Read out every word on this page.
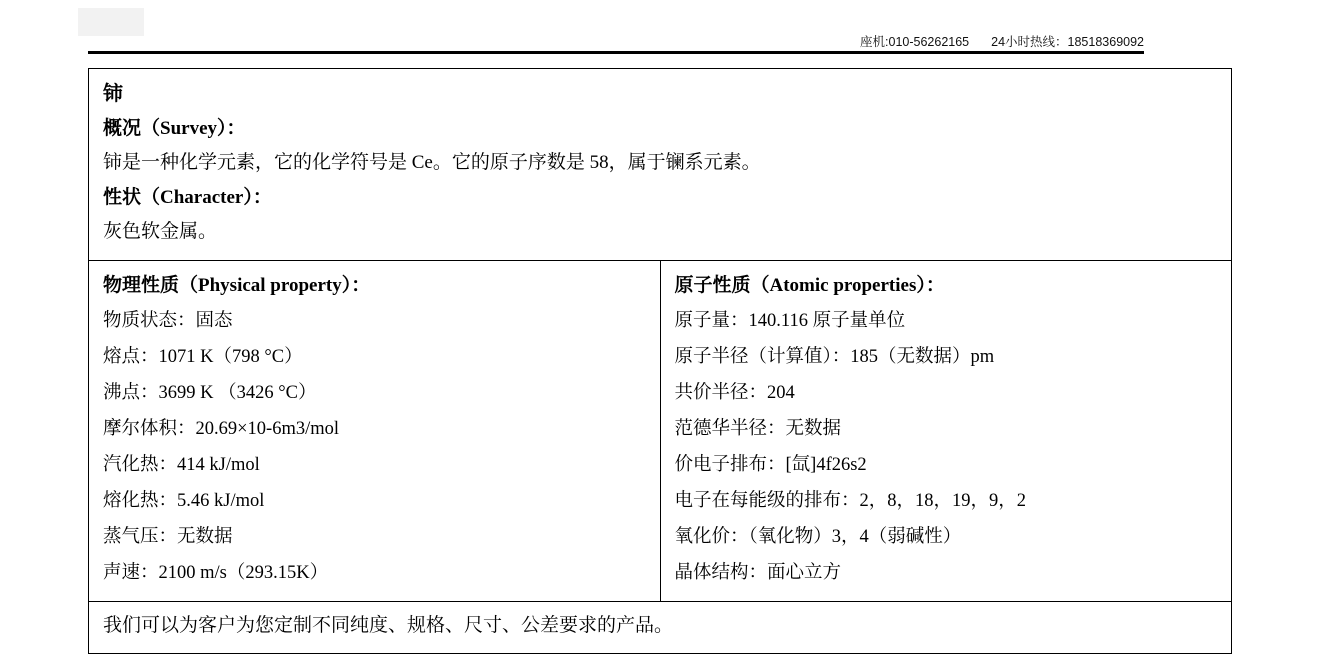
座机:010-56262165 24小时热线：18518369092
铈
概况（Survey）：
铈是一种化学元素，它的化学符号是 Ce。它的原子序数是 58，属于镧系元素。
性状（Character）：
灰色软金属。

物理性质（Physical property）：
物质状态：固态
熔点：1071 K（798 °C）
沸点：3699 K （3426 °C）
摩尔体积：20.69×10-6m3/mol
汽化热：414 kJ/mol
熔化热：5.46 kJ/mol
蒸气压：无数据
声速：2100 m/s（293.15K）

原子性质（Atomic properties）：
原子量：140.116 原子量单位
原子半径（计算值）：185（无数据）pm
共价半径：204
范德华半径：无数据
价电子排布：[氙]4f26s2
电子在每能级的排布：2，8，18，19，9，2
氧化价：（氧化物）3，4（弱碱性）
晶体结构：面心立方

我们可以为客户为您定制不同纯度、规格、尺寸、公差要求的产品。
